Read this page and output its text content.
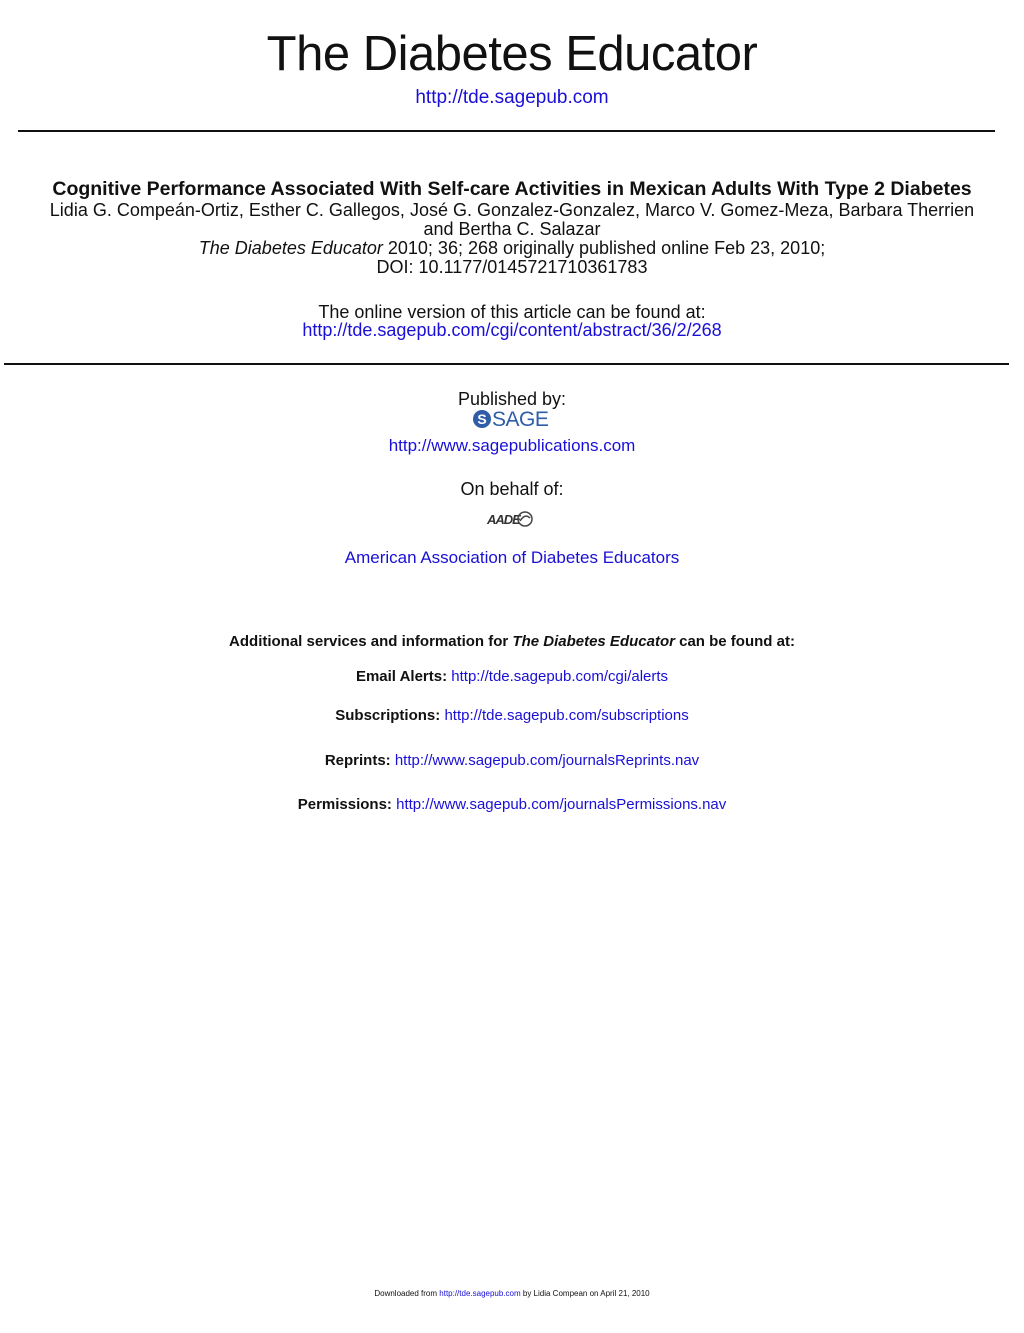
The Diabetes Educator
http://tde.sagepub.com
Cognitive Performance Associated With Self-care Activities in Mexican Adults With Type 2 Diabetes
Lidia G. Compeán-Ortiz, Esther C. Gallegos, José G. Gonzalez-Gonzalez, Marco V. Gomez-Meza, Barbara Therrien
and Bertha C. Salazar
The Diabetes Educator 2010; 36; 268 originally published online Feb 23, 2010;
DOI: 10.1177/0145721710361783
The online version of this article can be found at:
http://tde.sagepub.com/cgi/content/abstract/36/2/268
Published by:
S SAGE
http://www.sagepublications.com
On behalf of:
AADE
American Association of Diabetes Educators
Additional services and information for The Diabetes Educator can be found at:
Email Alerts: http://tde.sagepub.com/cgi/alerts
Subscriptions: http://tde.sagepub.com/subscriptions
Reprints: http://www.sagepub.com/journalsReprints.nav
Permissions: http://www.sagepub.com/journalsPermissions.nav
Downloaded from http://tde.sagepub.com by Lidia Compean on April 21, 2010
